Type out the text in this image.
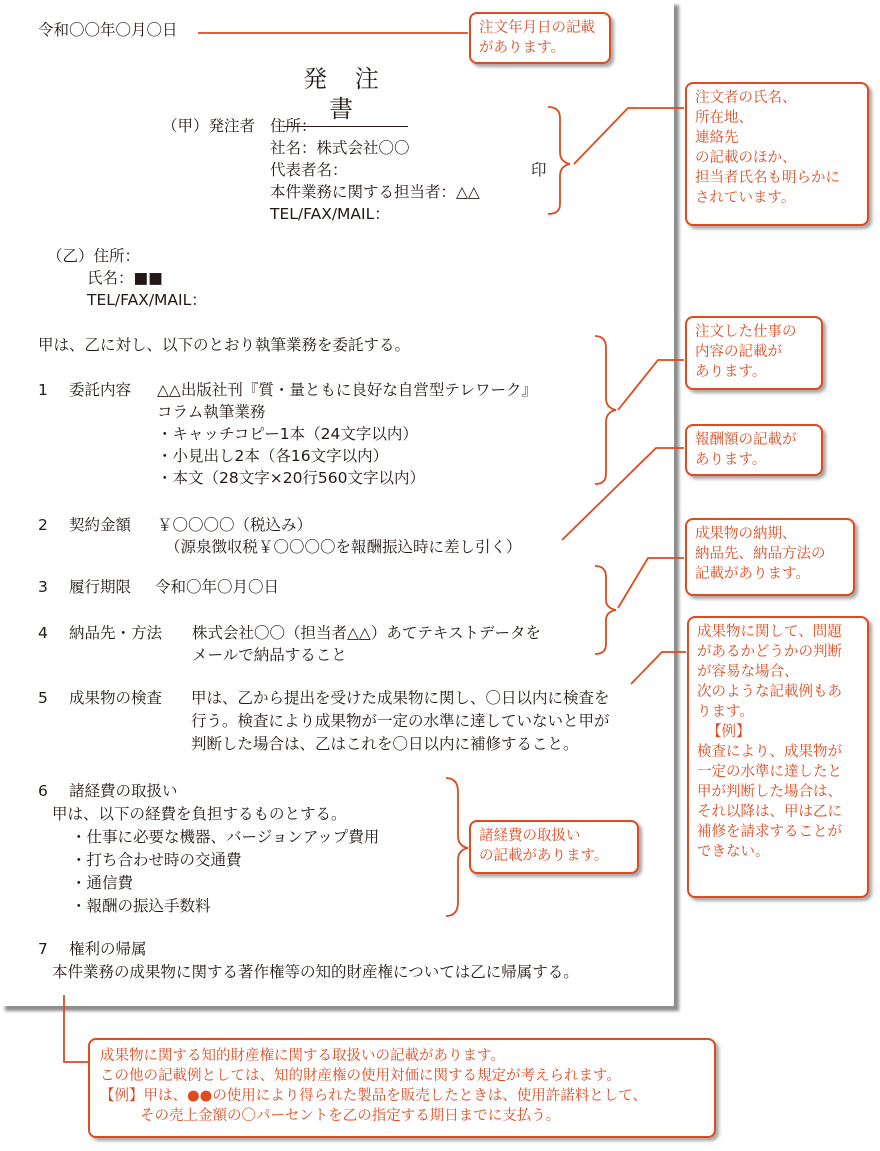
令和〇〇年〇月〇日
発 注 書
（甲）発注者 住所：
社名：株式会社〇〇
代表者名：	印
本件業務に関する担当者：△△
TEL/FAX/MAIL：
（乙）住所：
氏名：■■
TEL/FAX/MAIL：
甲は、乙に対し、以下のとおり執筆業務を委託する。
1 委託内容 △△出版社刊『質・量ともに良好な自営型テレワーク』
コラム執筆業務
・キャッチコピー1本（24文字以内）
・小見出し2本（各16文字以内）
・本文（28文字×20行560文字以内）
2 契約金額 ￥〇〇〇〇（税込み）
（源泉徴収税￥〇〇〇〇を報酬振込時に差し引く）
3 履行期限 令和〇年〇月〇日
4 納品先・方法 株式会社〇〇（担当者△△）あてテキストデータを
メールで納品すること
5 成果物の検査 甲は、乙から提出を受けた成果物に関し、〇日以内に検査を
行う。検査により成果物が一定の水準に達していないと甲が
判断した場合は、乙はこれを〇日以内に補修すること。
6 諸経費の取扱い
甲は、以下の経費を負担するものとする。
・仕事に必要な機器、バージョンアップ費用
・打ち合わせ時の交通費
・通信費
・報酬の振込手数料
7 権利の帰属
本件業務の成果物に関する著作権等の知的財産権については乙に帰属する。
注文年月日の記載
があります。
注文者の氏名、
所在地、
連絡先
の記載のほか、
担当者氏名も明らかに
されています。
注文した仕事の
内容の記載が
あります。
報酬額の記載が
あります。
成果物の納期、
納品先、納品方法の
記載があります。
成果物に関して、問題
があるかどうかの判断
が容易な場合、
次のような記載例もあ
ります。
【例】
検査により、成果物が
一定の水準に達したと
甲が判断した場合は、
それ以降は、甲は乙に
補修を請求することが
できない。
諸経費の取扱い
の記載があります。
成果物に関する知的財産権に関する取扱いの記載があります。
この他の記載例としては、知的財産権の使用対価に関する規定が考えられます。
【例】甲は、●●の使用により得られた製品を販売したときは、使用許諾料として、
その売上金額の〇パーセントを乙の指定する期日までに支払う。
